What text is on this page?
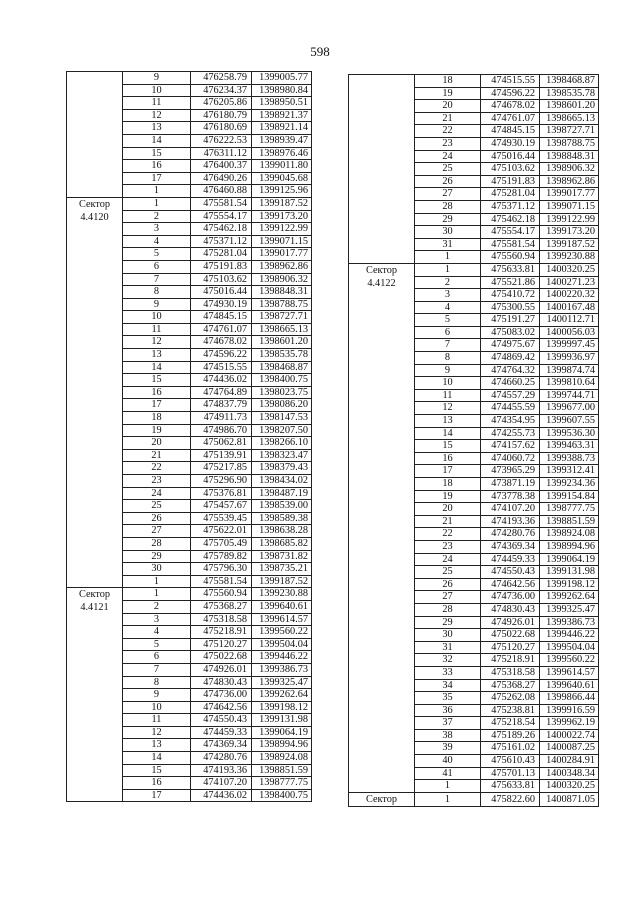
598
	9	476258.79	1399005.77
	10	476234.37	1398980.84
	11	476205.86	1398950.51
	12	476180.79	1398921.37
	13	476180.69	1398921.14
	14	476222.53	1398939.47
	15	476311.12	1398976.46
	16	476400.37	1399011.80
	17	476490.26	1399045.68
	1	476460.88	1399125.96

Сектор
4.4120	1	475581.54	1399187.52
	2	475554.17	1399173.20
	3	475462.18	1399122.99
	4	475371.12	1399071.15
	5	475281.04	1399017.77
	6	475191.83	1398962.86
	7	475103.62	1398906.32
	8	475016.44	1398848.31
	9	474930.19	1398788.75
	10	474845.15	1398727.71
	11	474761.07	1398665.13
	12	474678.02	1398601.20
	13	474596.22	1398535.78
	14	474515.55	1398468.87
	15	474436.02	1398400.75
	16	474764.89	1398023.75
	17	474837.79	1398086.20
	18	474911.73	1398147.53
	19	474986.70	1398207.50
	20	475062.81	1398266.10
	21	475139.91	1398323.47
	22	475217.85	1398379.43
	23	475296.90	1398434.02
	24	475376.81	1398487.19
	25	475457.67	1398539.00
	26	475539.45	1398589.38
	27	475622.01	1398638.28
	28	475705.49	1398685.82
	29	475789.82	1398731.82
	30	475796.30	1398735.21
	1	475581.54	1399187.52

Сектор
4.4121	1	475560.94	1399230.88
	2	475368.27	1399640.61
	3	475318.58	1399614.57
	4	475218.91	1399560.22
	5	475120.27	1399504.04
	6	475022.68	1399446.22
	7	474926.01	1399386.73
	8	474830.43	1399325.47
	9	474736.00	1399262.64
	10	474642.56	1399198.12
	11	474550.43	1399131.98
	12	474459.33	1399064.19
	13	474369.34	1398994.96
	14	474280.76	1398924.08
	15	474193.36	1398851.59
	16	474107.20	1398777.75
	17	474436.02	1398400.75
	18	474515.55	1398468.87
	19	474596.22	1398535.78
	20	474678.02	1398601.20
	21	474761.07	1398665.13
	22	474845.15	1398727.71
	23	474930.19	1398788.75
	24	475016.44	1398848.31
	25	475103.62	1398906.32
	26	475191.83	1398962.86
	27	475281.04	1399017.77
	28	475371.12	1399071.15
	29	475462.18	1399122.99
	30	475554.17	1399173.20
	31	475581.54	1399187.52
	1	475560.94	1399230.88

Сектор
4.4122	1	475633.81	1400320.25
	2	475521.86	1400271.23
	3	475410.72	1400220.32
	4	475300.55	1400167.48
	5	475191.27	1400112.71
	6	475083.02	1400056.03
	7	474975.67	1399997.45
	8	474869.42	1399936.97
	9	474764.32	1399874.74
	10	474660.25	1399810.64
	11	474557.29	1399744.71
	12	474455.59	1399677.00
	13	474354.95	1399607.55
	14	474255.73	1399536.30
	15	474157.62	1399463.31
	16	474060.72	1399388.73
	17	473965.29	1399312.41
	18	473871.19	1399234.36
	19	473778.38	1399154.84
	20	474107.20	1398777.75
	21	474193.36	1398851.59
	22	474280.76	1398924.08
	23	474369.34	1398994.96
	24	474459.33	1399064.19
	25	474550.43	1399131.98
	26	474642.56	1399198.12
	27	474736.00	1399262.64
	28	474830.43	1399325.47
	29	474926.01	1399386.73
	30	475022.68	1399446.22
	31	475120.27	1399504.04
	32	475218.91	1399560.22
	33	475318.58	1399614.57
	34	475368.27	1399640.61
	35	475262.08	1399866.44
	36	475238.81	1399916.59
	37	475218.54	1399962.19
	38	475189.26	1400022.74
	39	475161.02	1400087.25
	40	475610.43	1400284.91
	41	475701.13	1400348.34
	1	475633.81	1400320.25

Сектор	1	475822.60	1400871.05
